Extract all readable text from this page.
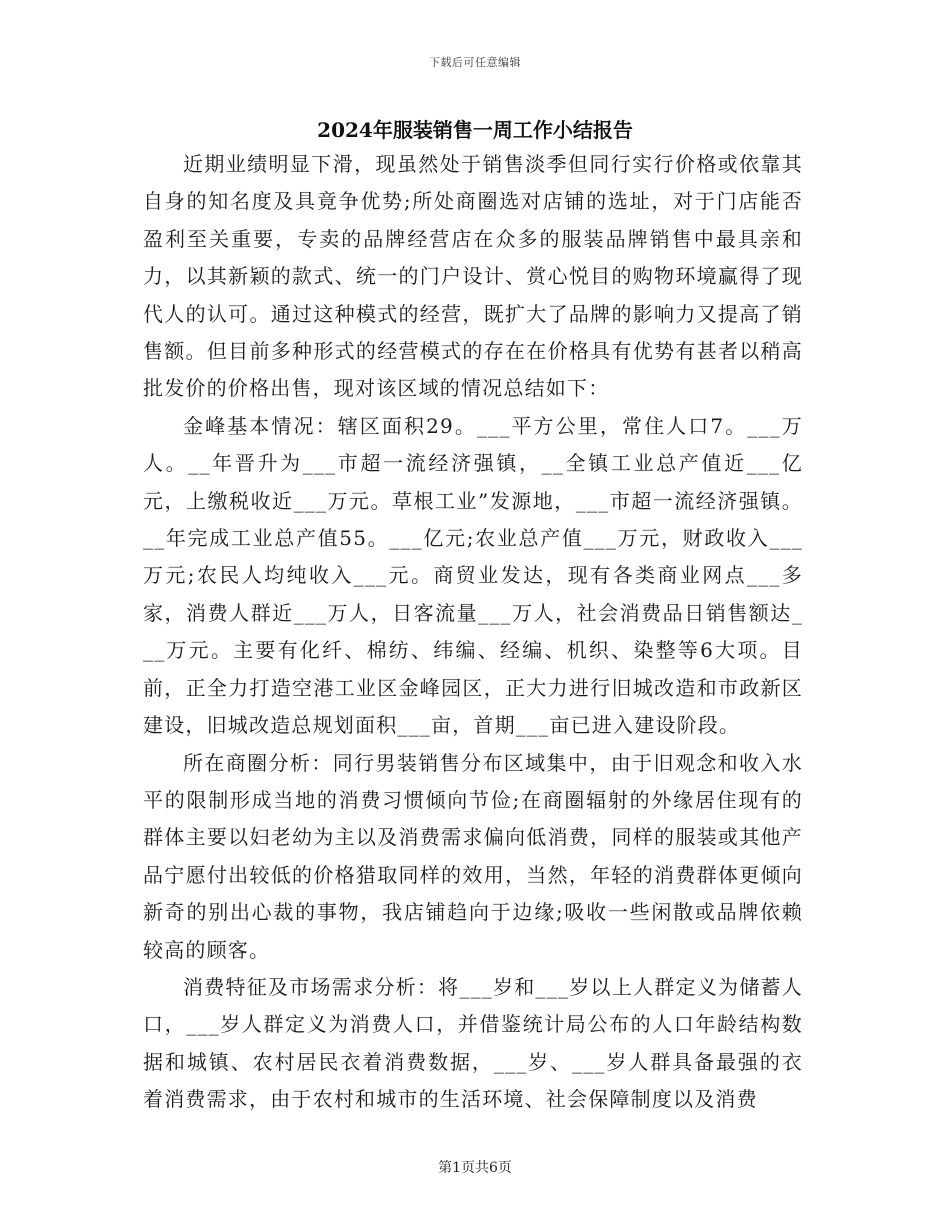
下载后可任意编辑
2024年服装销售一周工作小结报告

近期业绩明显下滑，现虽然处于销售淡季但同行实行价格或依靠其自身的知名度及具竟争优势;所处商圈选对店铺的选址，对于门店能否盈利至关重要，专卖的品牌经营店在众多的服装品牌销售中最具亲和力，以其新颖的款式、统一的门户设计、赏心悦目的购物环境赢得了现代人的认可。通过这种模式的经营，既扩大了品牌的影响力又提高了销售额。但目前多种形式的经营模式的存在在价格具有优势有甚者以稍高批发价的价格出售，现对该区域的情况总结如下：

金峰基本情况：辖区面积29。___平方公里，常住人口7。___万人。__年晋升为___市超一流经济强镇，__全镇工业总产值近___亿元，上缴税收近___万元。草根工业”发源地，___市超一流经济强镇。__年完成工业总产值55。___亿元;农业总产值___万元，财政收入___万元;农民人均纯收入___元。商贸业发达，现有各类商业网点___多家，消费人群近___万人，日客流量___万人，社会消费品日销售额达___万元。主要有化纤、棉纺、纬编、经编、机织、染整等6大项。目前，正全力打造空港工业区金峰园区，正大力进行旧城改造和市政新区建设，旧城改造总规划面积___亩，首期___亩已进入建设阶段。

所在商圈分析：同行男装销售分布区域集中，由于旧观念和收入水平的限制形成当地的消费习惯倾向节俭;在商圈辐射的外缘居住现有的群体主要以妇老幼为主以及消费需求偏向低消费，同样的服装或其他产品宁愿付出较低的价格猎取同样的效用，当然，年轻的消费群体更倾向新奇的别出心裁的事物，我店铺趋向于边缘;吸收一些闲散或品牌依赖较高的顾客。

消费特征及市场需求分析：将___岁和___岁以上人群定义为储蓄人口，___岁人群定义为消费人口，并借鉴统计局公布的人口年龄结构数据和城镇、农村居民衣着消费数据，___岁、___岁人群具备最强的衣着消费需求，由于农村和城市的生活环境、社会保障制度以及消费

第1页共6页
